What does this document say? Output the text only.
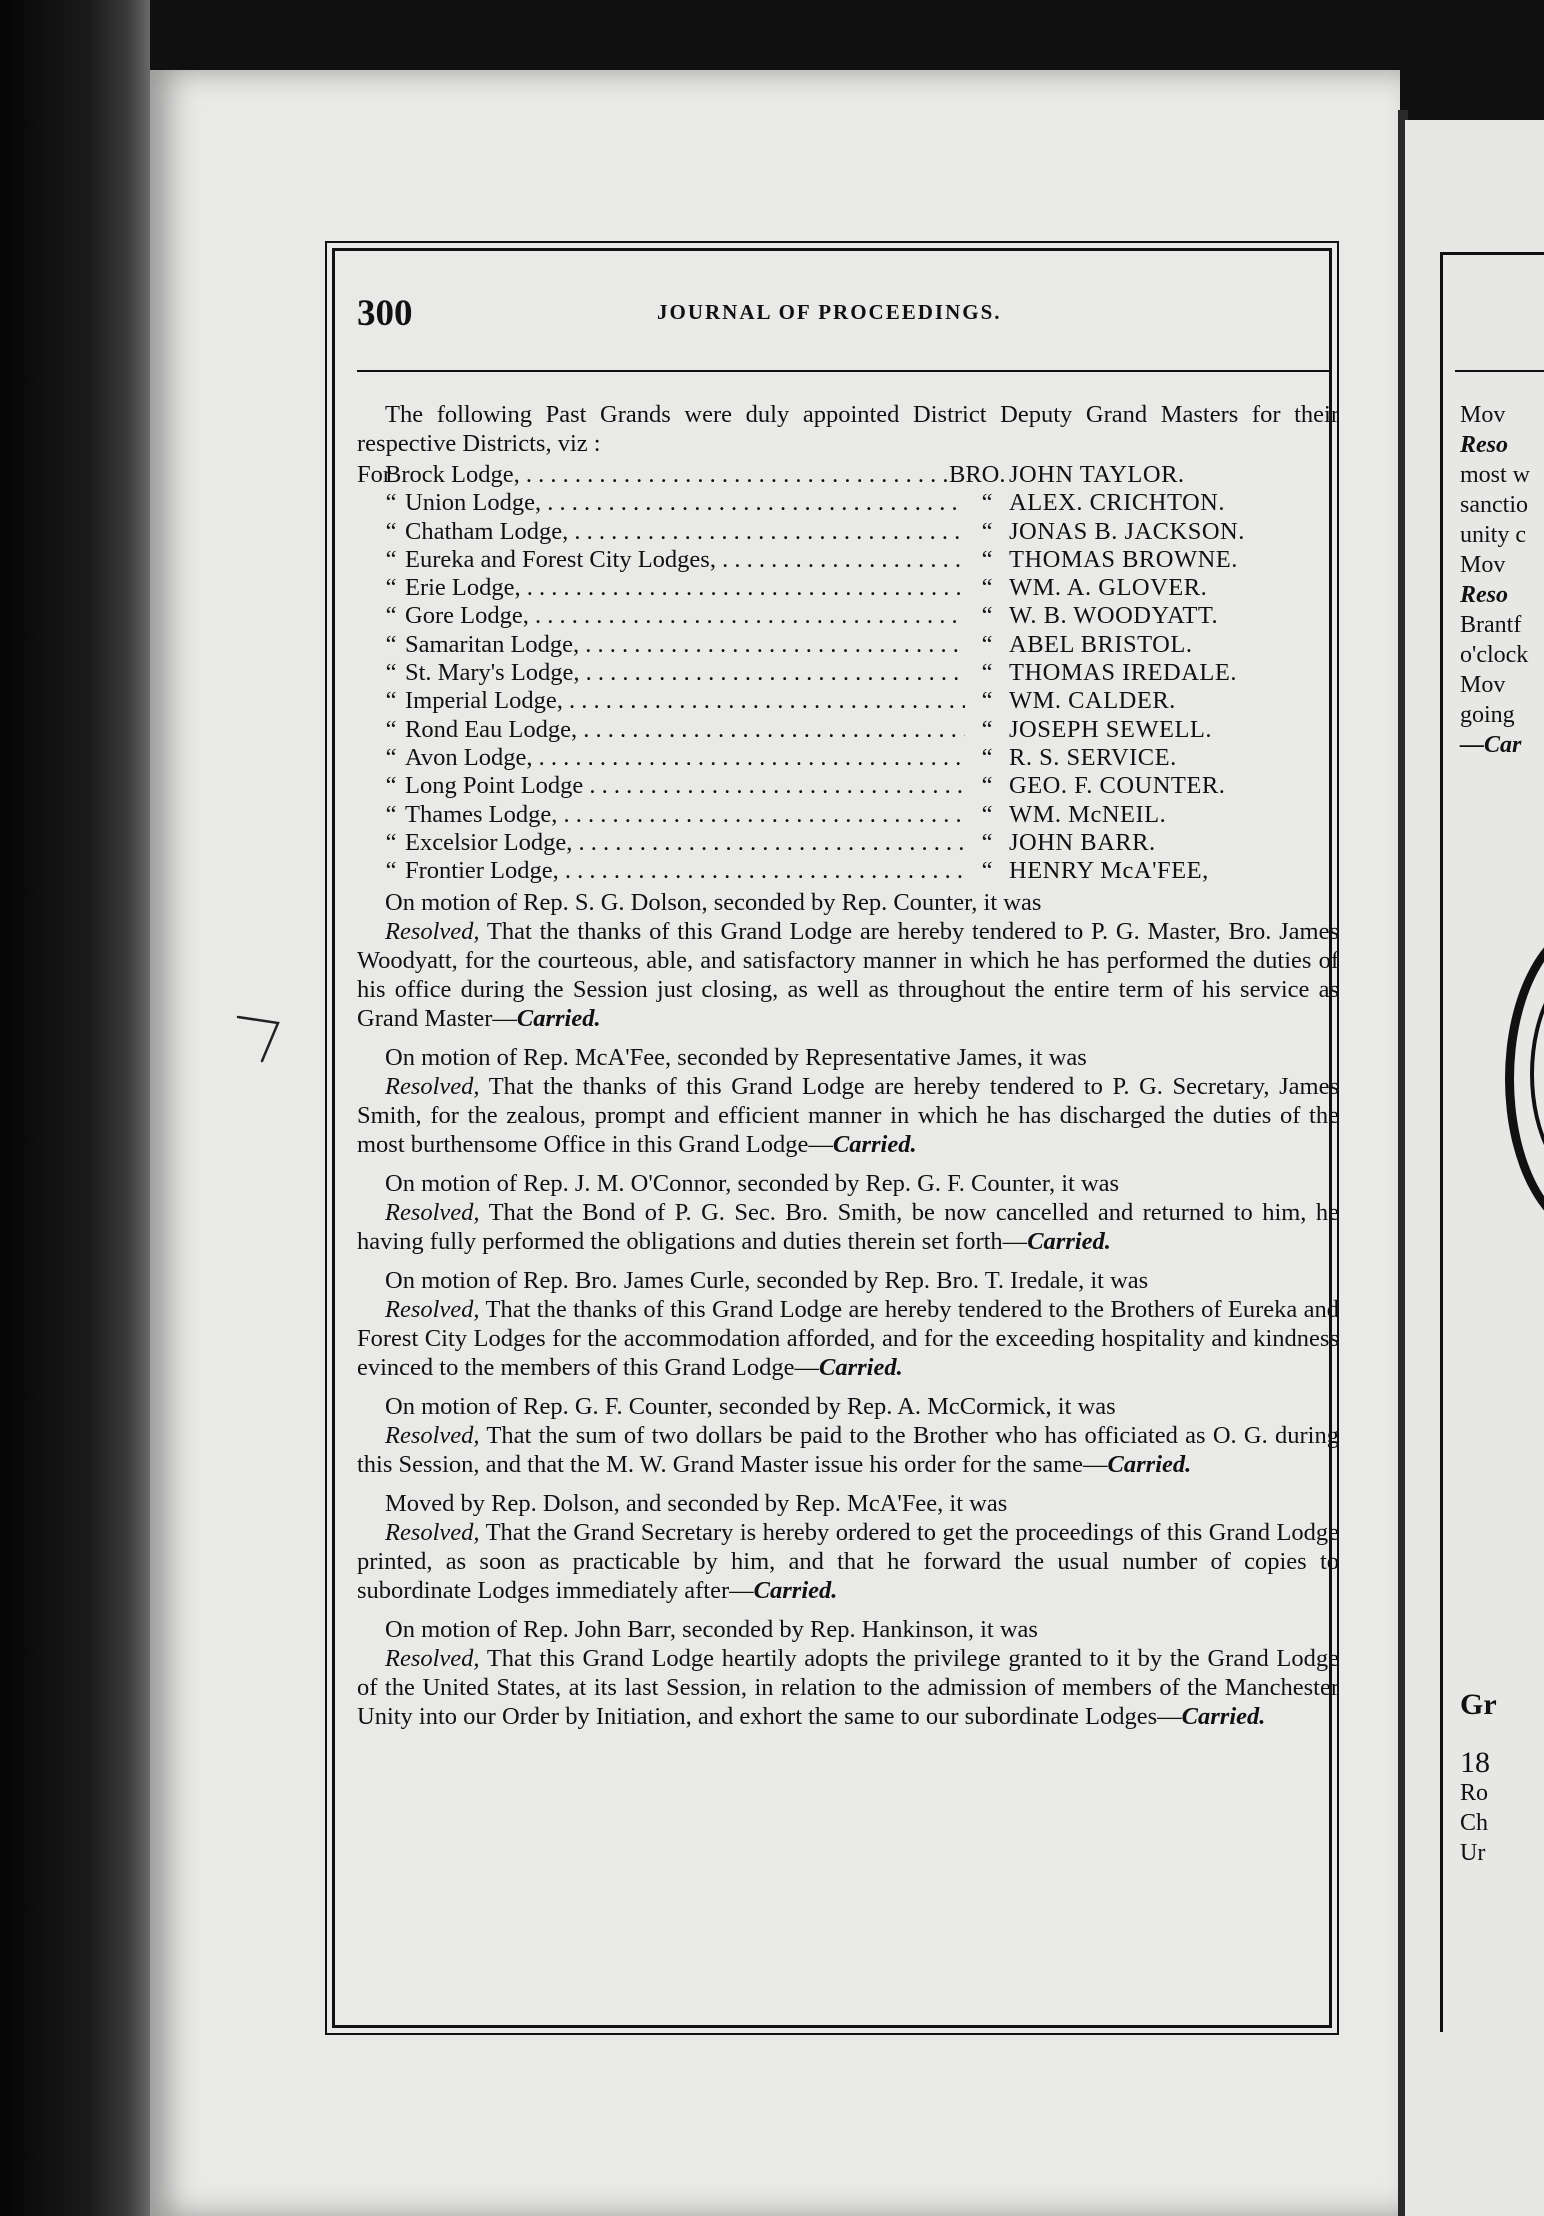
300	JOURNAL OF PROCEEDINGS.

The following Past Grands were duly appointed District Deputy Grand Masters for their respective Districts, viz :

For
Brock Lodge, . . .	BRO. JOHN TAYLOR.
“ Union Lodge, . . .	“ ALEX. CRICHTON.
“ Chatham Lodge, . . .	“ JONAS B. JACKSON.
“ Eureka and Forest City Lodges, . . .	“ THOMAS BROWNE.
“ Erie Lodge, . . .	“ WM. A. GLOVER.
“ Gore Lodge, . . .	“ W. B. WOODYATT.
“ Samaritan Lodge, . . .	“ ABEL BRISTOL.
“ St. Mary's Lodge, . . .	“ THOMAS IREDALE.
“ Imperial Lodge, . . .	“ WM. CALDER.
“ Rond Eau Lodge, . . .	“ JOSEPH SEWELL.
“ Avon Lodge, . . .	“ R. S. SERVICE.
“ Long Point Lodge . . .	“ GEO. F. COUNTER.
“ Thames Lodge, . . .	“ WM. McNEIL.
“ Excelsior Lodge, . . .	“ JOHN BARR.
“ Frontier Lodge, . . .	“ HENRY McA'FEE,

On motion of Rep. S. G. Dolson, seconded by Rep. Counter, it was

Resolved, That the thanks of this Grand Lodge are hereby tendered to P. G. Master, Bro. James Woodyatt, for the courteous, able, and satisfactory manner in which he has performed the duties of his office during the Session just closing, as well as throughout the entire term of his service as Grand Master—Carried.

On motion of Rep. McA'Fee, seconded by Representative James, it was

Resolved, That the thanks of this Grand Lodge are hereby tendered to P. G. Secretary, James Smith, for the zealous, prompt and efficient manner in which he has discharged the duties of the most burthensome Office in this Grand Lodge—Carried.

On motion of Rep. J. M. O'Connor, seconded by Rep. G. F. Counter, it was

Resolved, That the Bond of P. G. Sec. Bro. Smith, be now cancelled and returned to him, he having fully performed the obligations and duties therein set forth—Carried.

On motion of Rep. Bro. James Curle, seconded by Rep. Bro. T. Iredale, it was

Resolved, That the thanks of this Grand Lodge are hereby tendered to the Brothers of Eureka and Forest City Lodges for the accommodation afforded, and for the exceeding hospitality and kindness evinced to the members of this Grand Lodge—Carried.

On motion of Rep. G. F. Counter, seconded by Rep. A. McCormick, it was

Resolved, That the sum of two dollars be paid to the Brother who has officiated as O. G. during this Session, and that the M. W. Grand Master issue his order for the same—Carried.

Moved by Rep. Dolson, and seconded by Rep. McA'Fee, it was

Resolved, That the Grand Secretary is hereby ordered to get the proceedings of this Grand Lodge printed, as soon as practicable by him, and that he forward the usual number of copies to subordinate Lodges immediately after—Carried.

On motion of Rep. John Barr, seconded by Rep. Hankinson, it was

Resolved, That this Grand Lodge heartily adopts the privilege granted to it by the Grand Lodge of the United States, at its last Session, in relation to the admission of members of the Manchester Unity into our Order by Initiation, and exhort the same to our subordinate Lodges—Carried.

Mov
Reso
most w
sanctio
unity c
Mov
Reso
Brantf
o'clock
Mov
going
—Car
Gr
18
Ro
Ch
Ur
